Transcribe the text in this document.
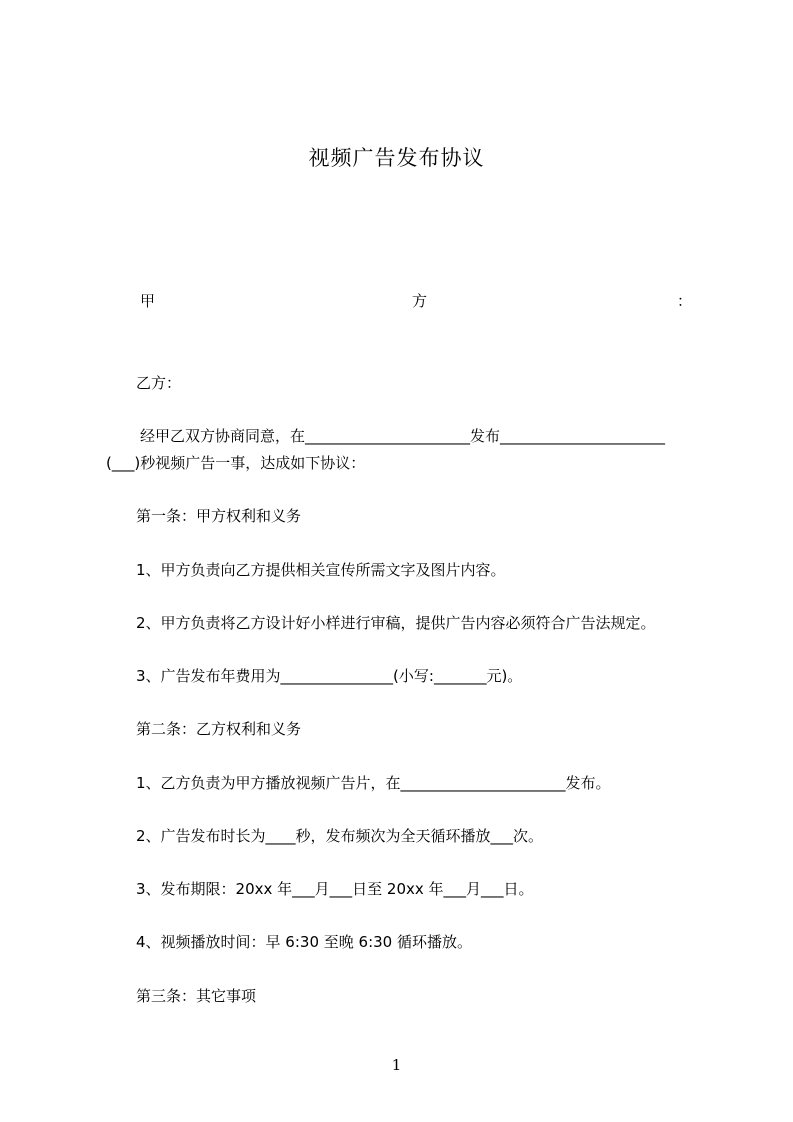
视频广告发布协议
甲	方	：
乙方：
经甲乙双方协商同意，在______________________发布______________________
(___)秒视频广告一事，达成如下协议：
第一条：甲方权利和义务
1、甲方负责向乙方提供相关宣传所需文字及图片内容。
2、甲方负责将乙方设计好小样进行审稿，提供广告内容必须符合广告法规定。
3、广告发布年费用为_______________(小写:_______元)。
第二条：乙方权利和义务
1、乙方负责为甲方播放视频广告片，在______________________发布。
2、广告发布时长为____秒，发布频次为全天循环播放___次。
3、发布期限：20xx 年___月___日至 20xx 年___月___日。
4、视频播放时间：早 6:30 至晚 6:30 循环播放。
第三条：其它事项
1
